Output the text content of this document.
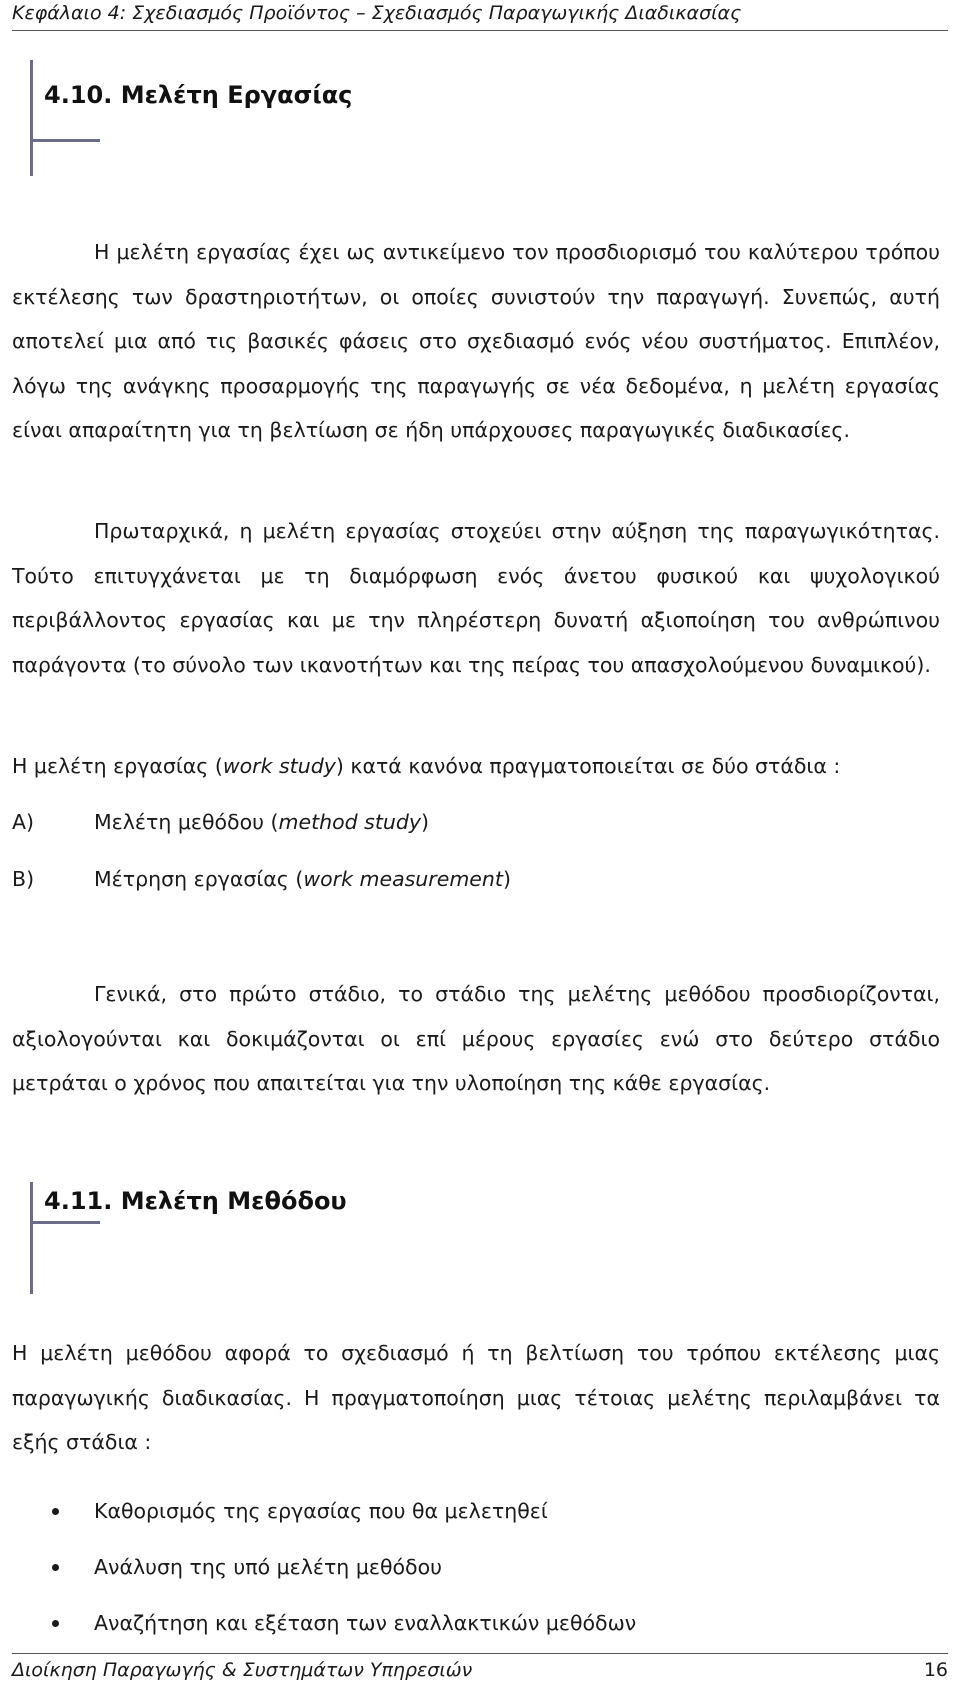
Κεφάλαιο 4: Σχεδιασμός Προϊόντος – Σχεδιασμός Παραγωγικής Διαδικασίας
4.10. Μελέτη Εργασίας

Η μελέτη εργασίας έχει ως αντικείμενο τον προσδιορισμό του καλύτερου τρόπου εκτέλεσης των δραστηριοτήτων, οι οποίες συνιστούν την παραγωγή. Συνεπώς, αυτή αποτελεί μια από τις βασικές φάσεις στο σχεδιασμό ενός νέου συστήματος. Επιπλέον, λόγω της ανάγκης προσαρμογής της παραγωγής σε νέα δεδομένα, η μελέτη εργασίας είναι απαραίτητη για τη βελτίωση σε ήδη υπάρχουσες παραγωγικές διαδικασίες.

Πρωταρχικά, η μελέτη εργασίας στοχεύει στην αύξηση της παραγωγικότητας. Τούτο επιτυγχάνεται με τη διαμόρφωση ενός άνετου φυσικού και ψυχολογικού περιβάλλοντος εργασίας και με την πληρέστερη δυνατή αξιοποίηση του ανθρώπινου παράγοντα (το σύνολο των ικανοτήτων και της πείρας του απασχολούμενου δυναμικού).

Η μελέτη εργασίας (work study) κατά κανόνα πραγματοποιείται σε δύο στάδια :
A)	Μελέτη μεθόδου (method study)
B)	Μέτρηση εργασίας (work measurement)

Γενικά, στο πρώτο στάδιο, το στάδιο της μελέτης μεθόδου προσδιορίζονται, αξιολογούνται και δοκιμάζονται οι επί μέρους εργασίες ενώ στο δεύτερο στάδιο μετράται ο χρόνος που απαιτείται για την υλοποίηση της κάθε εργασίας.

4.11. Μελέτη Μεθόδου

Η μελέτη μεθόδου αφορά το σχεδιασμό ή τη βελτίωση του τρόπου εκτέλεσης μιας παραγωγικής διαδικασίας. Η πραγματοποίηση μιας τέτοιας μελέτης περιλαμβάνει τα εξής στάδια :

Καθορισμός της εργασίας που θα μελετηθεί
Ανάλυση της υπό μελέτη μεθόδου
Αναζήτηση και εξέταση των εναλλακτικών μεθόδων
Διοίκηση Παραγωγής & Συστημάτων Υπηρεσιών	16
